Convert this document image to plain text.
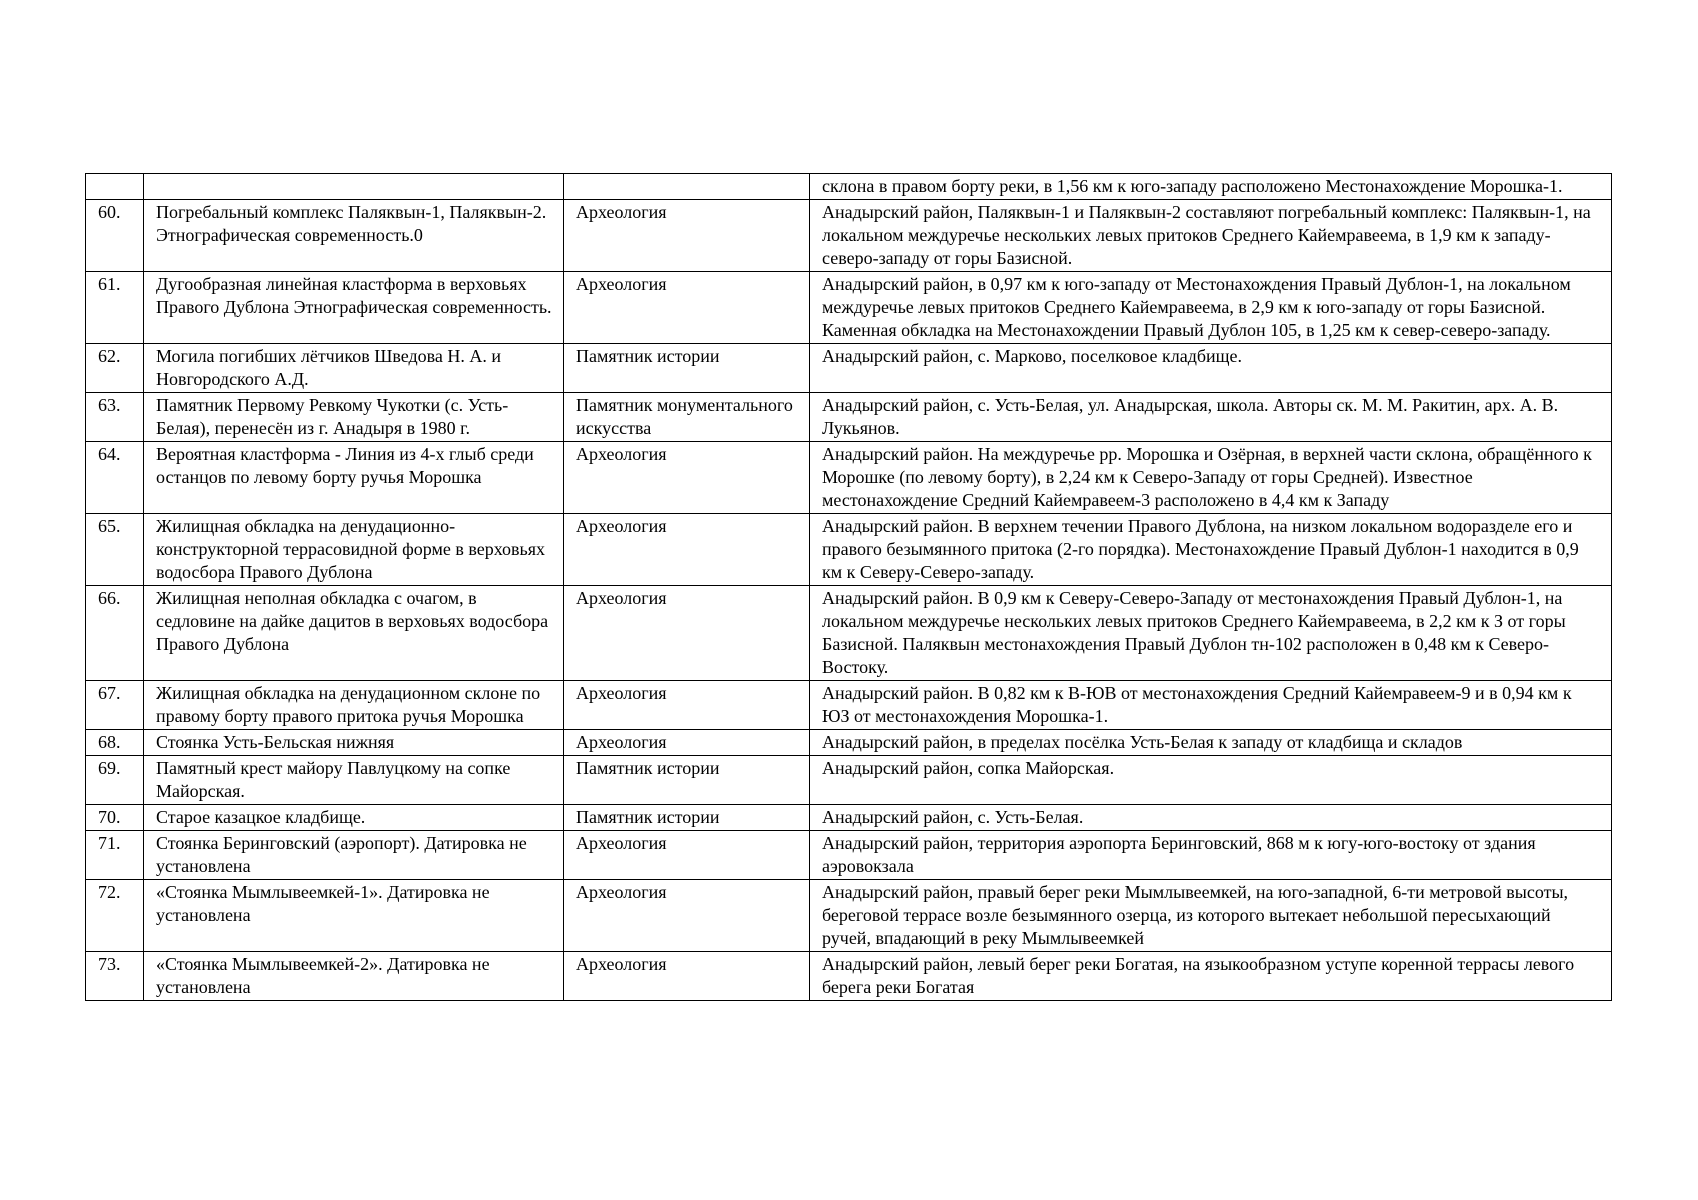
			склона в правом борту реки, в 1,56 км к юго-западу расположено Местонахождение Морошка-1.
60.	Погребальный комплекс Паляквын-1, Паляквын-2. Этнографическая современность.0	Археология	Анадырский район, Паляквын-1 и Паляквын-2 составляют погребальный комплекс: Паляквын-1, на локальном междуречье нескольких левых притоков Среднего Кайемравеема, в 1,9 км к западу-северо-западу от горы Базисной.
61.	Дугообразная линейная кластформа в верховьях Правого Дублона Этнографическая современность.	Археология	Анадырский район, в 0,97 км к юго-западу от Местонахождения Правый Дублон-1, на локальном междуречье левых притоков Среднего Кайемравеема, в 2,9 км к юго-западу от горы Базисной. Каменная обкладка на Местонахождении Правый Дублон 105, в 1,25 км к север-северо-западу.
62.	Могила погибших лётчиков Шведова Н. А. и Новгородского А.Д.	Памятник истории	Анадырский район, с. Марково, поселковое кладбище.
63.	Памятник Первому Ревкому Чукотки (с. Усть-Белая), перенесён из г. Анадыря в 1980 г.	Памятник монументального искусства	Анадырский район, с. Усть-Белая, ул. Анадырская, школа. Авторы ск. М. М. Ракитин, арх. А. В. Лукьянов.
64.	Вероятная кластформа - Линия из 4-х глыб среди останцов по левому борту ручья Морошка	Археология	Анадырский район. На междуречье рр. Морошка и Озёрная, в верхней части склона, обращённого к Морошке (по левому борту), в 2,24 км к Северо-Западу от горы Средней). Известное местонахождение Средний Кайемравеем-3 расположено в 4,4 км к Западу
65.	Жилищная обкладка на денудационно-конструкторной террасовидной форме в верховьях водосбора Правого Дублона	Археология	Анадырский район. В верхнем течении Правого Дублона, на низком локальном водоразделе его и правого безымянного притока (2-го порядка). Местонахождение Правый Дублон-1 находится в 0,9 км к Северу-Северо-западу.
66.	Жилищная неполная обкладка с очагом, в седловине на дайке дацитов в верховьях водосбора Правого Дублона	Археология	Анадырский район. В 0,9 км к Северу-Северо-Западу от местонахождения Правый Дублон-1, на локальном междуречье нескольких левых притоков Среднего Кайемравеема, в 2,2 км к З от горы Базисной. Паляквын местонахождения Правый Дублон тн-102 расположен в 0,48 км к Северо-Востоку.
67.	Жилищная обкладка на денудационном склоне по правому борту правого притока ручья Морошка	Археология	Анадырский район. В 0,82 км к В-ЮВ от местонахождения Средний Кайемравеем-9 и в 0,94 км к ЮЗ от местонахождения Морошка-1.
68.	Стоянка Усть-Бельская нижняя	Археология	Анадырский район, в пределах посёлка Усть-Белая к западу от кладбища и складов
69.	Памятный крест майору Павлуцкому на сопке Майорская.	Памятник истории	Анадырский район, сопка Майорская.
70.	Старое казацкое кладбище.	Памятник истории	Анадырский район, с. Усть-Белая.
71.	Стоянка Беринговский (аэропорт). Датировка не установлена	Археология	Анадырский район, территория аэропорта Беринговский, 868 м к югу-юго-востоку от здания аэровокзала
72.	«Стоянка Мымлывеемкей-1». Датировка не установлена	Археология	Анадырский район, правый берег реки Мымлывеемкей, на юго-западной, 6-ти метровой высоты, береговой террасе возле безымянного озерца, из которого вытекает небольшой пересыхающий ручей, впадающий в реку Мымлывеемкей
73.	«Стоянка Мымлывеемкей-2». Датировка не установлена	Археология	Анадырский район, левый берег реки Богатая, на языкообразном уступе коренной террасы левого берега реки Богатая
